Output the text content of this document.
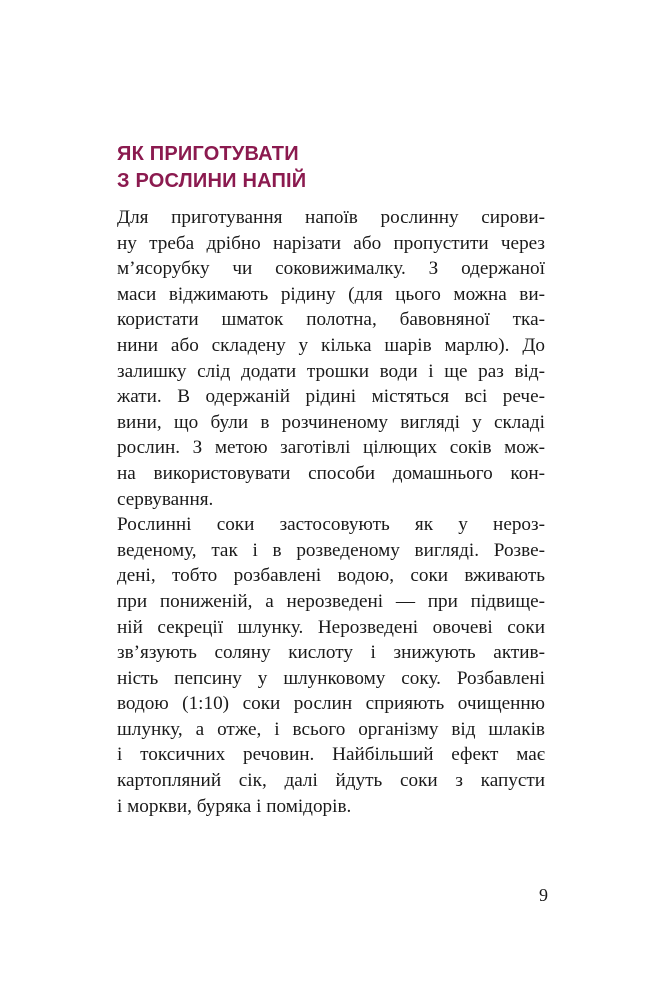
ЯК ПРИГОТУВАТИ
З РОСЛИНИ НАПІЙ
Для приготування напоїв рослинну сирови-
ну треба дрібно нарізати або пропустити через
м’ясорубку чи соковижималку. З одержаної
маси віджимають рідину (для цього можна ви-
користати шматок полотна, бавовняної тка-
нини або складену у кілька шарів марлю). До
залишку слід додати трошки води і ще раз від-
жати. В одержаній рідині містяться всі рече-
вини, що були в розчиненому вигляді у складі
рослин. З метою заготівлі цілющих соків мож-
на використовувати способи домашнього кон-
сервування.
Рослинні соки застосовують як у нероз-
веденому, так і в розведеному вигляді. Розве-
дені, тобто розбавлені водою, соки вживають
при пониженій, а нерозведені — при підвище-
ній секреції шлунку. Нерозведені овочеві соки
зв’язують соляну кислоту і знижують актив-
ність пепсину у шлунковому соку. Розбавлені
водою (1:10) соки рослин сприяють очищенню
шлунку, а отже, і всього організму від шлаків
і токсичних речовин. Найбільший ефект має
картопляний сік, далі йдуть соки з капусти
і моркви, буряка і помідорів.
9
